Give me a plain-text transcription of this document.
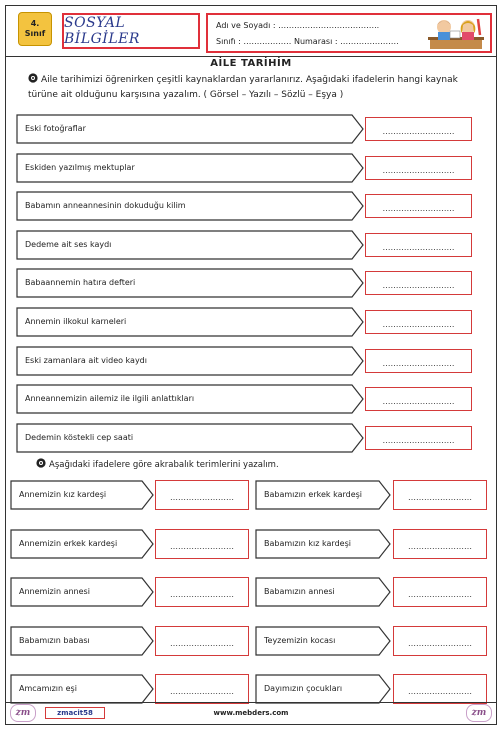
4.
Sınıf
SOSYAL BİLGİLER
Adı ve Soyadı : ………………………………..
Sınıfı : ……………… Numarası : ………………….
AİLE TARİHİM
Aile tarihimizi öğrenirken çeşitli kaynaklardan yararlanırız. Aşağıdaki ifadelerin hangi kaynak türüne ait olduğunu karşısına yazalım. ( Görsel – Yazılı – Sözlü – Eşya )
Eski fotoğraflar	………………………
Eskiden yazılmış mektuplar	………………………
Babamın anneannesinin dokuduğu kilim	………………………
Dedeme ait ses kaydı	………………………
Babaannemin hatıra defteri	………………………
Annemin ilkokul karneleri	………………………
Eski zamanlara ait video kaydı	………………………
Anneannemizin ailemiz ile ilgili anlattıkları	………………………
Dedemin köstekli cep saati	………………………
Aşağıdaki ifadelere göre akrabalık terimlerini yazalım.
Annemizin kız kardeşi	……………………	Babamızın erkek kardeşi	……………………
Annemizin erkek kardeşi	……………………	Babamızın kız kardeşi	……………………
Annemizin annesi	……………………	Babamızın annesi	……………………
Babamızın babası	……………………	Teyzemizin kocası	……………………
Amcamızın eşi	……………………	Dayımızın çocukları	……………………
zm	zmacit58	www.mebders.com	zm
